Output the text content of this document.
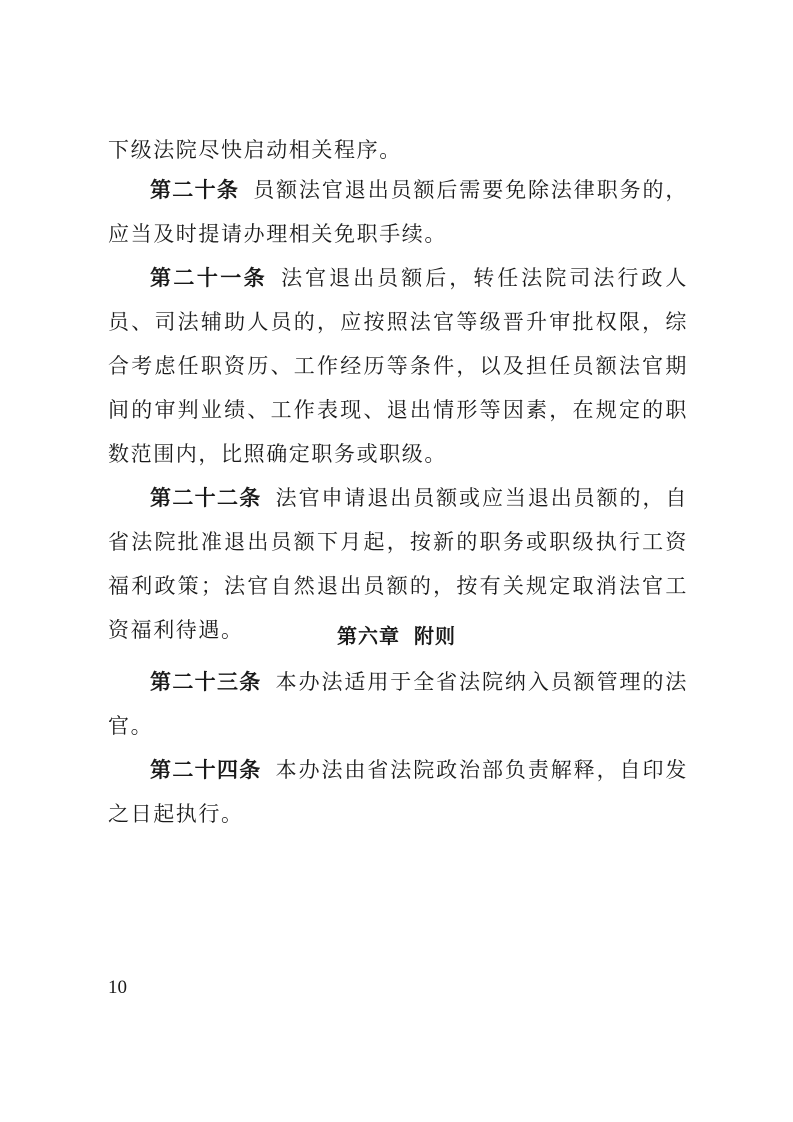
下级法院尽快启动相关程序。

第二十条 员额法官退出员额后需要免除法律职务的，应当及时提请办理相关免职手续。

第二十一条 法官退出员额后，转任法院司法行政人员、司法辅助人员的，应按照法官等级晋升审批权限，综合考虑任职资历、工作经历等条件，以及担任员额法官期间的审判业绩、工作表现、退出情形等因素，在规定的职数范围内，比照确定职务或职级。

第二十二条 法官申请退出员额或应当退出员额的，自省法院批准退出员额下月起，按新的职务或职级执行工资福利政策；法官自然退出员额的，按有关规定取消法官工资福利待遇。	第六章 附则

第二十三条 本办法适用于全省法院纳入员额管理的法官。

第二十四条 本办法由省法院政治部负责解释，自印发之日起执行。

10
